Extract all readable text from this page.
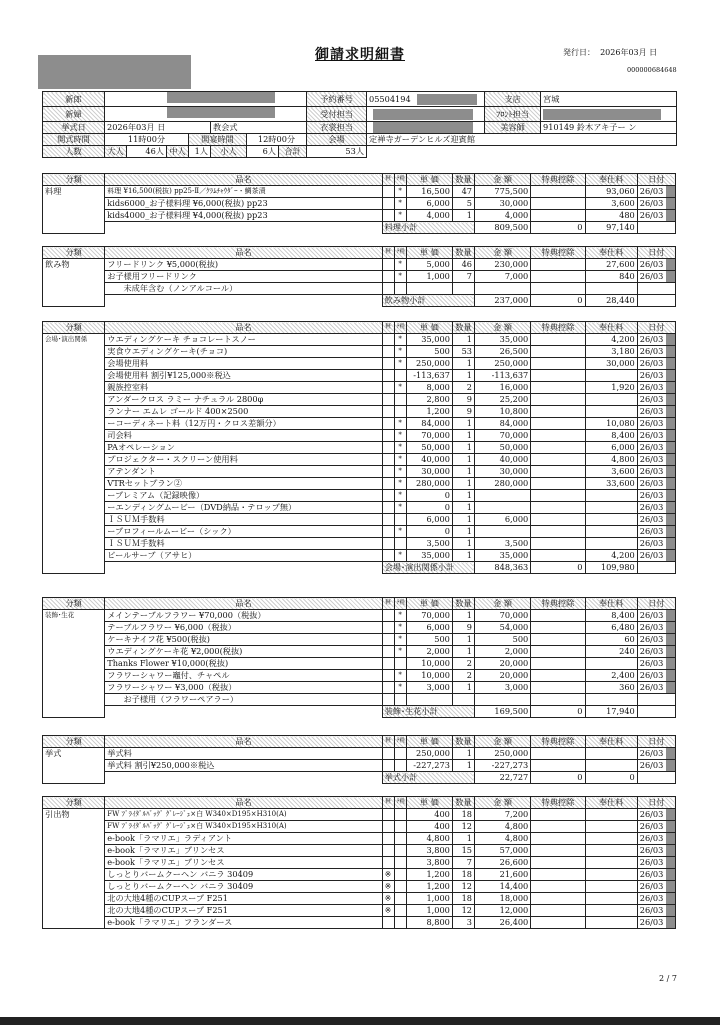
御請求明細書	発行日： 2026年03月 日
000000684648
新郎								予約番号	05504194	支店	宮城
新婦								受付担当		ﾌﾛﾝﾄ担当	
挙式日	2026年03月 日				教会式			衣裳担当		美容師	910149 鈴木アキ子ー ン
開式時間	11時00分			開宴時間		12時00分		会場	定禅寺ガーデンヒルズ迎賓館		
人数	大人	46人	中人	1人	小人	6人	合計	53人			
分類	品名	軽	ﾃ税	単 価	数量	金 額	特典控除	奉仕料	日付
料理	料理 ¥16,500(税抜) pp25-Ⅱ／ｸﾗﾑﾁｬｳﾀﾞｰ・鯛茶漬		*	16,500	47	775,500		93,060	26/03

	kids6000_お子様料理 ¥6,000(税抜) pp23		*	6,000	5	30,000		3,600	26/03

	kids4000_お子様料理 ¥4,000(税抜) pp23		*	4,000	1	4,000		480	26/03

		料理小計				809,500	0	97,140	
分類	品名	軽	ﾃ税	単 価	数量	金 額	特典控除	奉仕料	日付
飲み物	フリードリンク ¥5,000(税抜)		*	5,000	46	230,000		27,600	26/03

	お子様用フリードリンク		*	1,000	7	7,000		840	26/03

	　未成年含む（ノンアルコール）								
		飲み物小計				237,000	0	28,440	
分類	品名	軽	ﾃ税	単 価	数量	金 額	特典控除	奉仕料	日付
会場･演出関係	ウエディングケーキ チョコレートスノー		*	35,000	1	35,000		4,200	26/03

	実食ウエディングケーキ(チョコ)		*	500	53	26,500		3,180	26/03

	会場使用料		*	250,000	1	250,000		30,000	26/03

	会場使用料 割引¥125,000※税込			-113,637	1	-113,637			26/03

	親族控室料		*	8,000	2	16,000		1,920	26/03

	アンダークロス ラミー ナチュラル 2800φ			2,800	9	25,200			26/03

	ランナー エムレ ゴールド 400×2500			1,200	9	10,800			26/03

	ーコーディネート料（12万円・クロス差額分）		*	84,000	1	84,000		10,080	26/03

	司会料		*	70,000	1	70,000		8,400	26/03

	PAオペレーション		*	50,000	1	50,000		6,000	26/03

	プロジェクター・スクリーン使用料		*	40,000	1	40,000		4,800	26/03

	アテンダント		*	30,000	1	30,000		3,600	26/03

	VTRセットプラン②		*	280,000	1	280,000		33,600	26/03

	ープレミアム（記録映像）		*	0	1				26/03

	ーエンディングムービー（DVD納品・テロップ無）		*	0	1				26/03

	ＩＳＵＭ手数料			6,000	1	6,000			26/03

	ープロフィールムービー（シック）		*	0	1				26/03

	ＩＳＵＭ手数料			3,500	1	3,500			26/03

	ビールサーブ（アサヒ）		*	35,000	1	35,000		4,200	26/03

		会場･演出関係小計				848,363	0	109,980	
分類	品名	軽	ﾃ税	単 価	数量	金 額	特典控除	奉仕料	日付
装飾･生花	メインテーブルフラワー ¥70,000（税抜）		*	70,000	1	70,000		8,400	26/03

	テーブルフラワー ¥6,000（税抜）		*	6,000	9	54,000		6,480	26/03

	ケーキナイフ花 ¥500(税抜)		*	500	1	500		60	26/03

	ウエディングケーキ花 ¥2,000(税抜)		*	2,000	1	2,000		240	26/03

	Thanks Flower ¥10,000(税抜)			10,000	2	20,000			26/03

	フラワーシャワー竈付、チャペル		*	10,000	2	20,000		2,400	26/03

	フラワーシャワー ¥3,000（税抜）		*	3,000	1	3,000		360	26/03

	　お子様用（フラワーペアラー）								
		装飾･生花小計				169,500	0	17,940	
分類	品名	軽	ﾃ税	単 価	数量	金 額	特典控除	奉仕料	日付
挙式	挙式料			250,000	1	250,000			26/03

	挙式料 割引¥250,000※税込			-227,273	1	-227,273			26/03

		挙式小計				22,727	0	0	
分類	品名	軽	ﾃ税	単 価	数量	金 額	特典控除	奉仕料	日付
引出物	FW ﾌﾞﾗｲﾀﾞﾙﾊﾞｯｸﾞ ｸﾞﾚｰｼﾞｭ×白 W340×D195×H310(A)			400	18	7,200			26/03

	FW ﾌﾞﾗｲﾀﾞﾙﾊﾞｯｸﾞ ｸﾞﾚｰｼﾞｭ×白 W340×D195×H310(A)			400	12	4,800			26/03

	e-book「ラマリエ」ラディアント			4,800	1	4,800			26/03

	e-book「ラマリエ」プリンセス			3,800	15	57,000			26/03

	e-book「ラマリエ」プリンセス			3,800	7	26,600			26/03

	しっとりバームクーヘン バニラ 30409	※		1,200	18	21,600			26/03

	しっとりバームクーヘン バニラ 30409	※		1,200	12	14,400			26/03

	北の大地4種のCUPスープ F251	※		1,000	18	18,000			26/03

	北の大地4種のCUPスープ F251	※		1,000	12	12,000			26/03

	e-book「ラマリエ」フランダース			8,800	3	26,400			26/03
2 / 7
